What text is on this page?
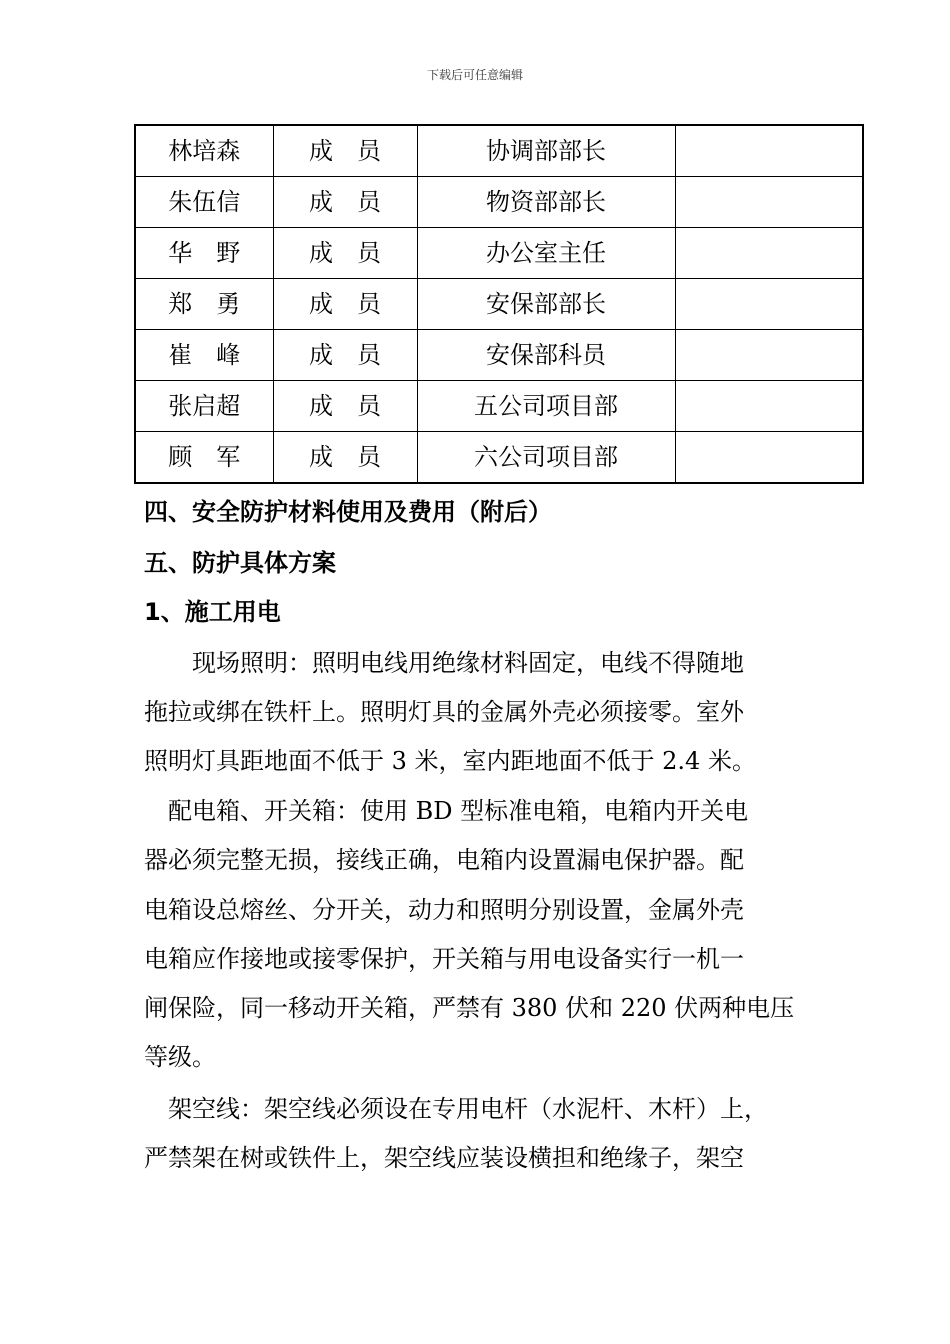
下载后可任意编辑
林培森	成　员	协调部部长	
朱伍信	成　员	物资部部长	
华　野	成　员	办公室主任	
郑　勇	成　员	安保部部长	
崔　峰	成　员	安保部科员	
张启超	成　员	五公司项目部	
顾　军	成　员	六公司项目部	
四、安全防护材料使用及费用（附后）
五、防护具体方案
1、施工用电
　　现场照明：照明电线用绝缘材料固定，电线不得随地
拖拉或绑在铁杆上。照明灯具的金属外壳必须接零。室外
照明灯具距地面不低于 3 米，室内距地面不低于 2.4 米。
　配电箱、开关箱：使用 BD 型标准电箱，电箱内开关电
器必须完整无损，接线正确，电箱内设置漏电保护器。配
电箱设总熔丝、分开关，动力和照明分别设置，金属外壳
电箱应作接地或接零保护，开关箱与用电设备实行一机一
闸保险，同一移动开关箱，严禁有 380 伏和 220 伏两种电压
等级。
　架空线：架空线必须设在专用电杆（水泥杆、木杆）上，
严禁架在树或铁件上，架空线应装设横担和绝缘子，架空
